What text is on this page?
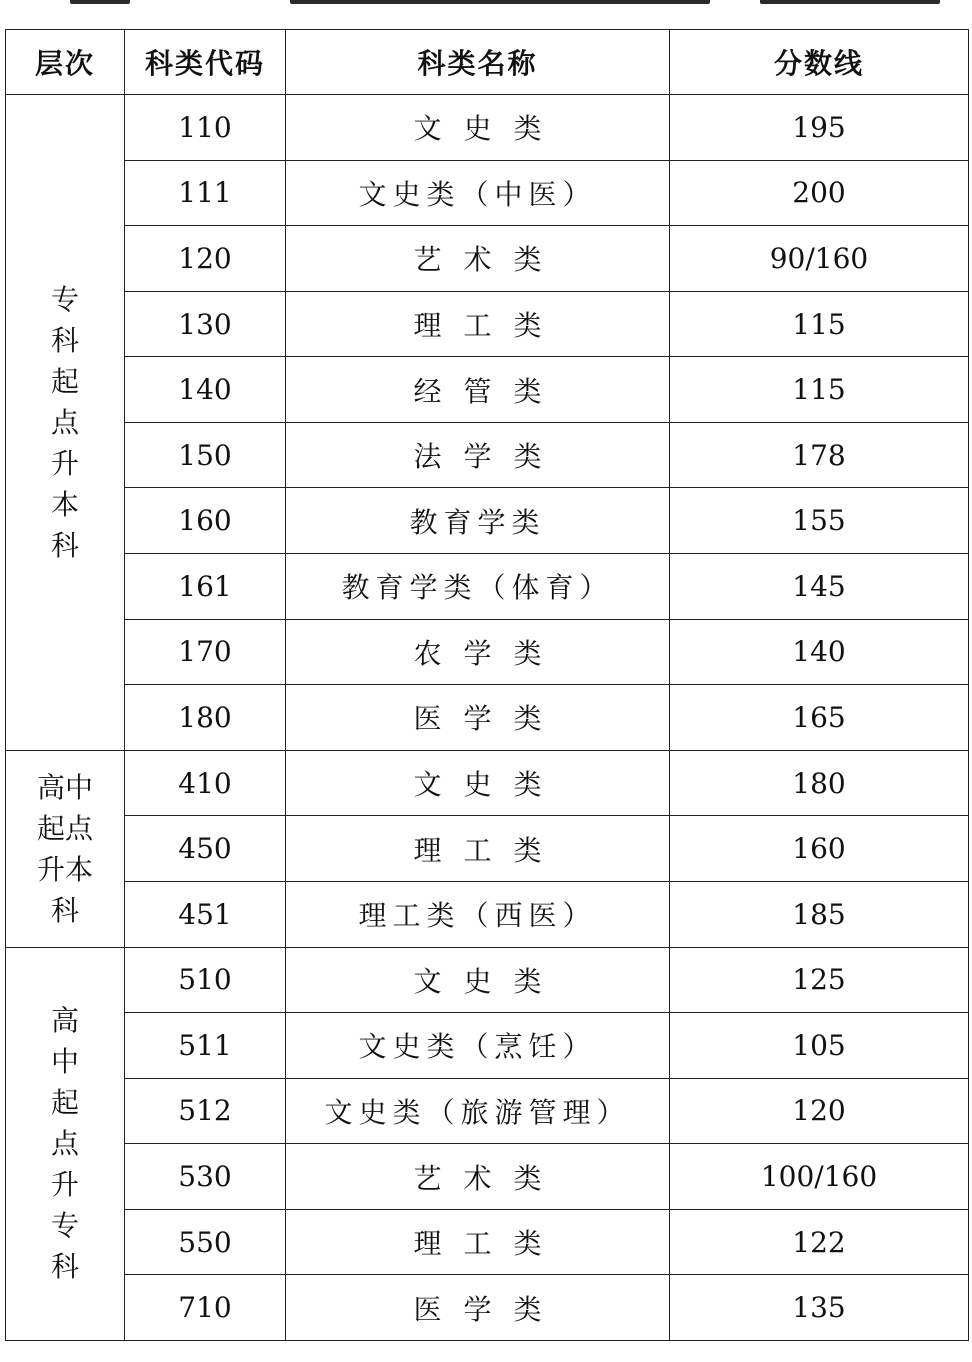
层次	科类代码	科类名称	分数线
专科起点升本科	110	文史类	195
	111	文史类（中医）	200
	120	艺术类	90/160
	130	理工类	115
	140	经管类	115
	150	法学类	178
	160	教育学类	155
	161	教育学类（体育）	145
	170	农学类	140
	180	医学类	165
高中起点升本科	410	文史类	180
	450	理工类	160
	451	理工类（西医）	185
高中起点升专科	510	文史类	125
	511	文史类（烹饪）	105
	512	文史类（旅游管理）	120
	530	艺术类	100/160
	550	理工类	122
	710	医学类	135
